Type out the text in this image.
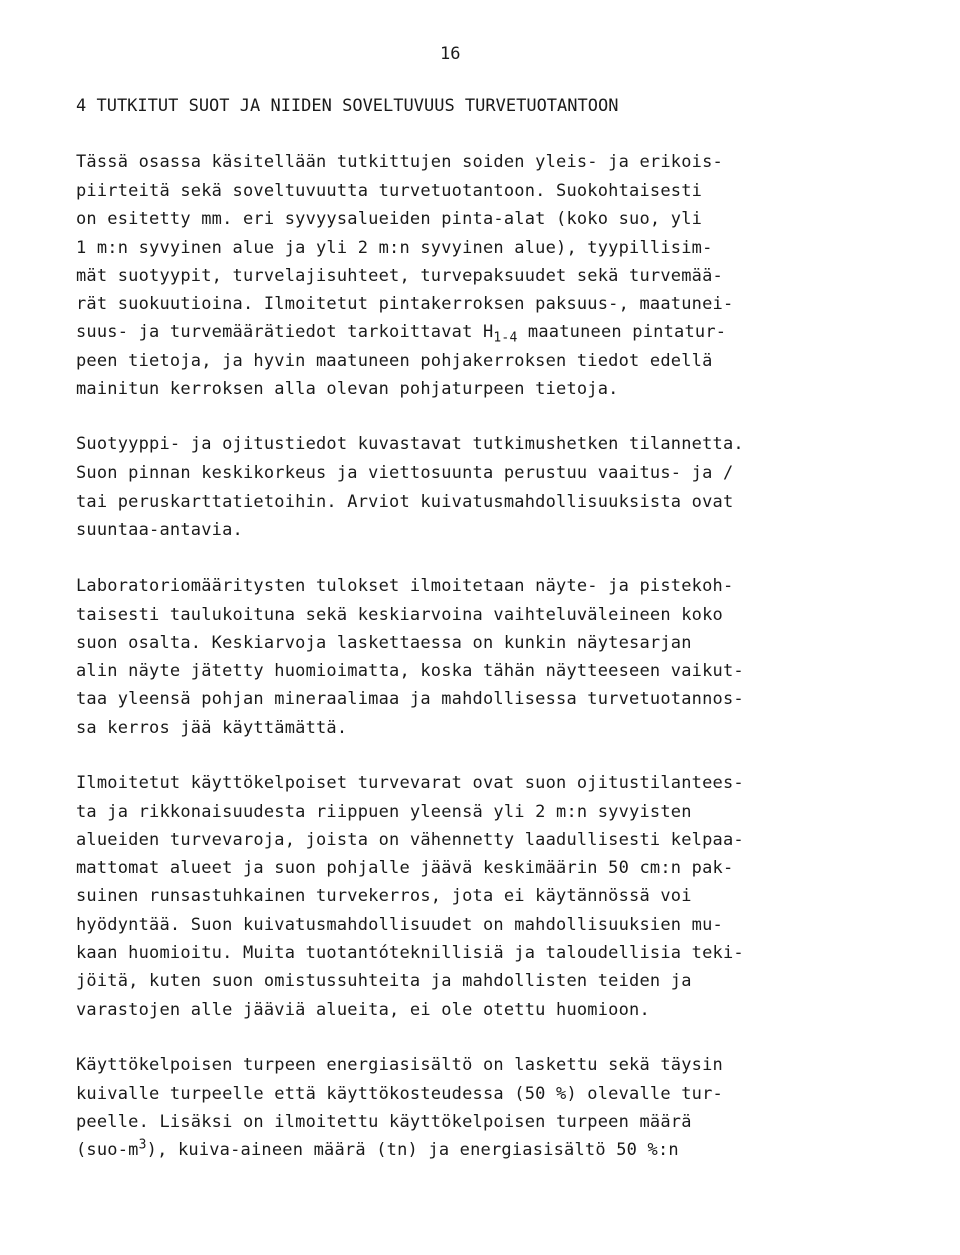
16
4 TUTKITUT SUOT JA NIIDEN SOVELTUVUUS TURVETUOTANTOON
Tässä osassa käsitellään tutkittujen soiden yleis- ja erikois-
piirteitä sekä soveltuvuutta turvetuotantoon. Suokohtaisesti
on esitetty mm. eri syvyysalueiden pinta-alat (koko suo, yli
1 m:n syvyinen alue ja yli 2 m:n syvyinen alue), tyypillisim-
mät suotyypit, turvelajisuhteet, turvepaksuudet sekä turvemää-
rät suokuutioina. Ilmoitetut pintakerroksen paksuus-, maatunei-
suus- ja turvemäärätiedot tarkoittavat $H_{1-4}$ maatuneen pintatur-
peen tietoja, ja hyvin maatuneen pohjakerroksen tiedot edellä
mainitun kerroksen alla olevan pohjaturpeen tietoja.
Suotyyppi- ja ojitustiedot kuvastavat tutkimushetken tilannetta.
Suon pinnan keskikorkeus ja viettosuunta perustuu vaaitus- ja /
tai peruskarttatietoihin. Arviot kuivatusmahdollisuuksista ovat
suuntaa-antavia.
Laboratoriomääritysten tulokset ilmoitetaan näyte- ja pistekoh-
taisesti taulukoituna sekä keskiarvoina vaihteluväleineen koko
suon osalta. Keskiarvoja laskettaessa on kunkin näytesarjan
alin näyte jätetty huomioimatta, koska tähän näytteeseen vaikut-
taa yleensä pohjan mineraalimaa ja mahdollisessa turvetuotannos-
sa kerros jää käyttämättä.
Ilmoitetut käyttökelpoiset turvevarat ovat suon ojitustilantees-
ta ja rikkonaisuudesta riippuen yleensä yli 2 m:n syvyisten
alueiden turvevaroja, joista on vähennetty laadullisesti kelpaa-
mattomat alueet ja suon pohjalle jäävä keskimäärin 50 cm:n pak-
suinen runsastuhkainen turvekerros, jota ei käytännössä voi
hyödyntää. Suon kuivatusmahdollisuudet on mahdollisuuksien mu-
kaan huomioitu. Muita tuotantóteknillisiä ja taloudellisia teki-
jöitä, kuten suon omistussuhteita ja mahdollisten teiden ja
varastojen alle jääviä alueita, ei ole otettu huomioon.
Käyttökelpoisen turpeen energiasisältö on laskettu sekä täysin
kuivalle turpeelle että käyttökosteudessa (50 %) olevalle tur-
peelle. Lisäksi on ilmoitettu käyttökelpoisen turpeen määrä
$(suo-m^3)$, kuiva-aineen määrä (tn) ja energiasisältö 50 %:n
